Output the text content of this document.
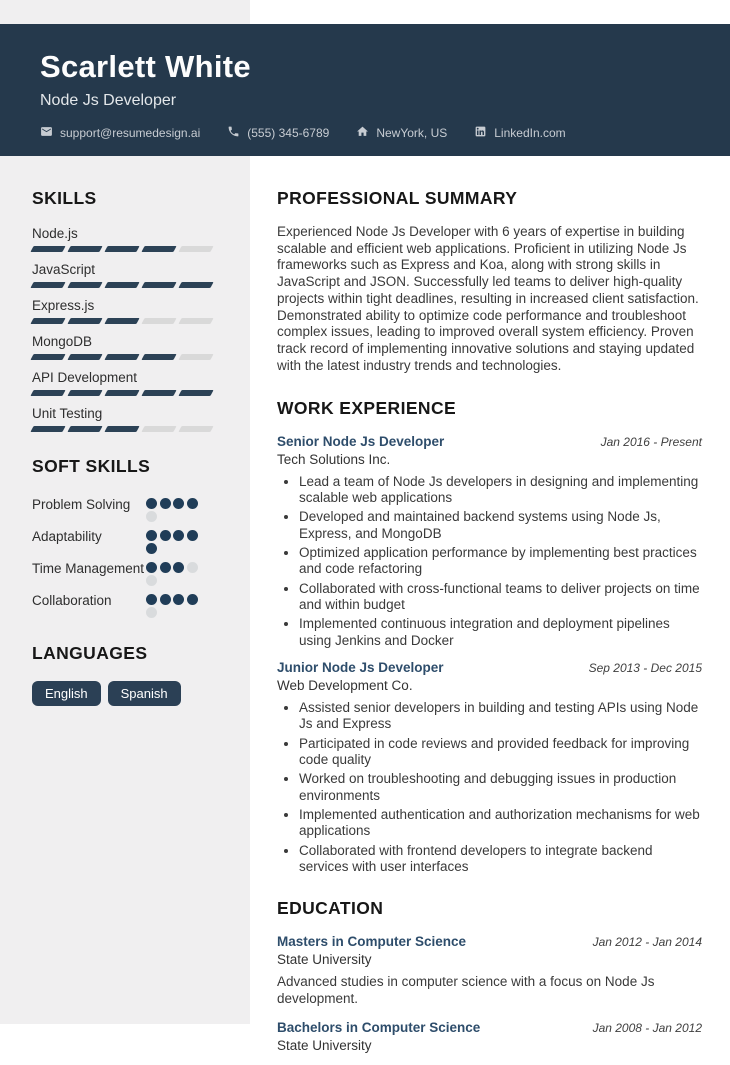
Scarlett White
Node Js Developer
support@resumedesign.ai	(555) 345-6789	NewYork, US	LinkedIn.com
SKILLS
Node.js
JavaScript
Express.js
MongoDB
API Development
Unit Testing
SOFT SKILLS
Problem Solving
Adaptability
Time Management
Collaboration
LANGUAGES
English	Spanish
PROFESSIONAL SUMMARY

Experienced Node Js Developer with 6 years of expertise in building scalable and efficient web applications. Proficient in utilizing Node Js frameworks such as Express and Koa, along with strong skills in JavaScript and JSON. Successfully led teams to deliver high-quality projects within tight deadlines, resulting in increased client satisfaction. Demonstrated ability to optimize code performance and troubleshoot complex issues, leading to improved overall system efficiency. Proven track record of implementing innovative solutions and staying updated with the latest industry trends and technologies.

WORK EXPERIENCE
Senior Node Js Developer	Jan 2016 - Present
Tech Solutions Inc.
• Lead a team of Node Js developers in designing and implementing scalable web applications
• Developed and maintained backend systems using Node Js, Express, and MongoDB
• Optimized application performance by implementing best practices and code refactoring
• Collaborated with cross-functional teams to deliver projects on time and within budget
• Implemented continuous integration and deployment pipelines using Jenkins and Docker
Junior Node Js Developer	Sep 2013 - Dec 2015
Web Development Co.
• Assisted senior developers in building and testing APIs using Node Js and Express
• Participated in code reviews and provided feedback for improving code quality
• Worked on troubleshooting and debugging issues in production environments
• Implemented authentication and authorization mechanisms for web applications
• Collaborated with frontend developers to integrate backend services with user interfaces
EDUCATION
Masters in Computer Science	Jan 2012 - Jan 2014
State University
Advanced studies in computer science with a focus on Node Js development.
Bachelors in Computer Science	Jan 2008 - Jan 2012
State University
